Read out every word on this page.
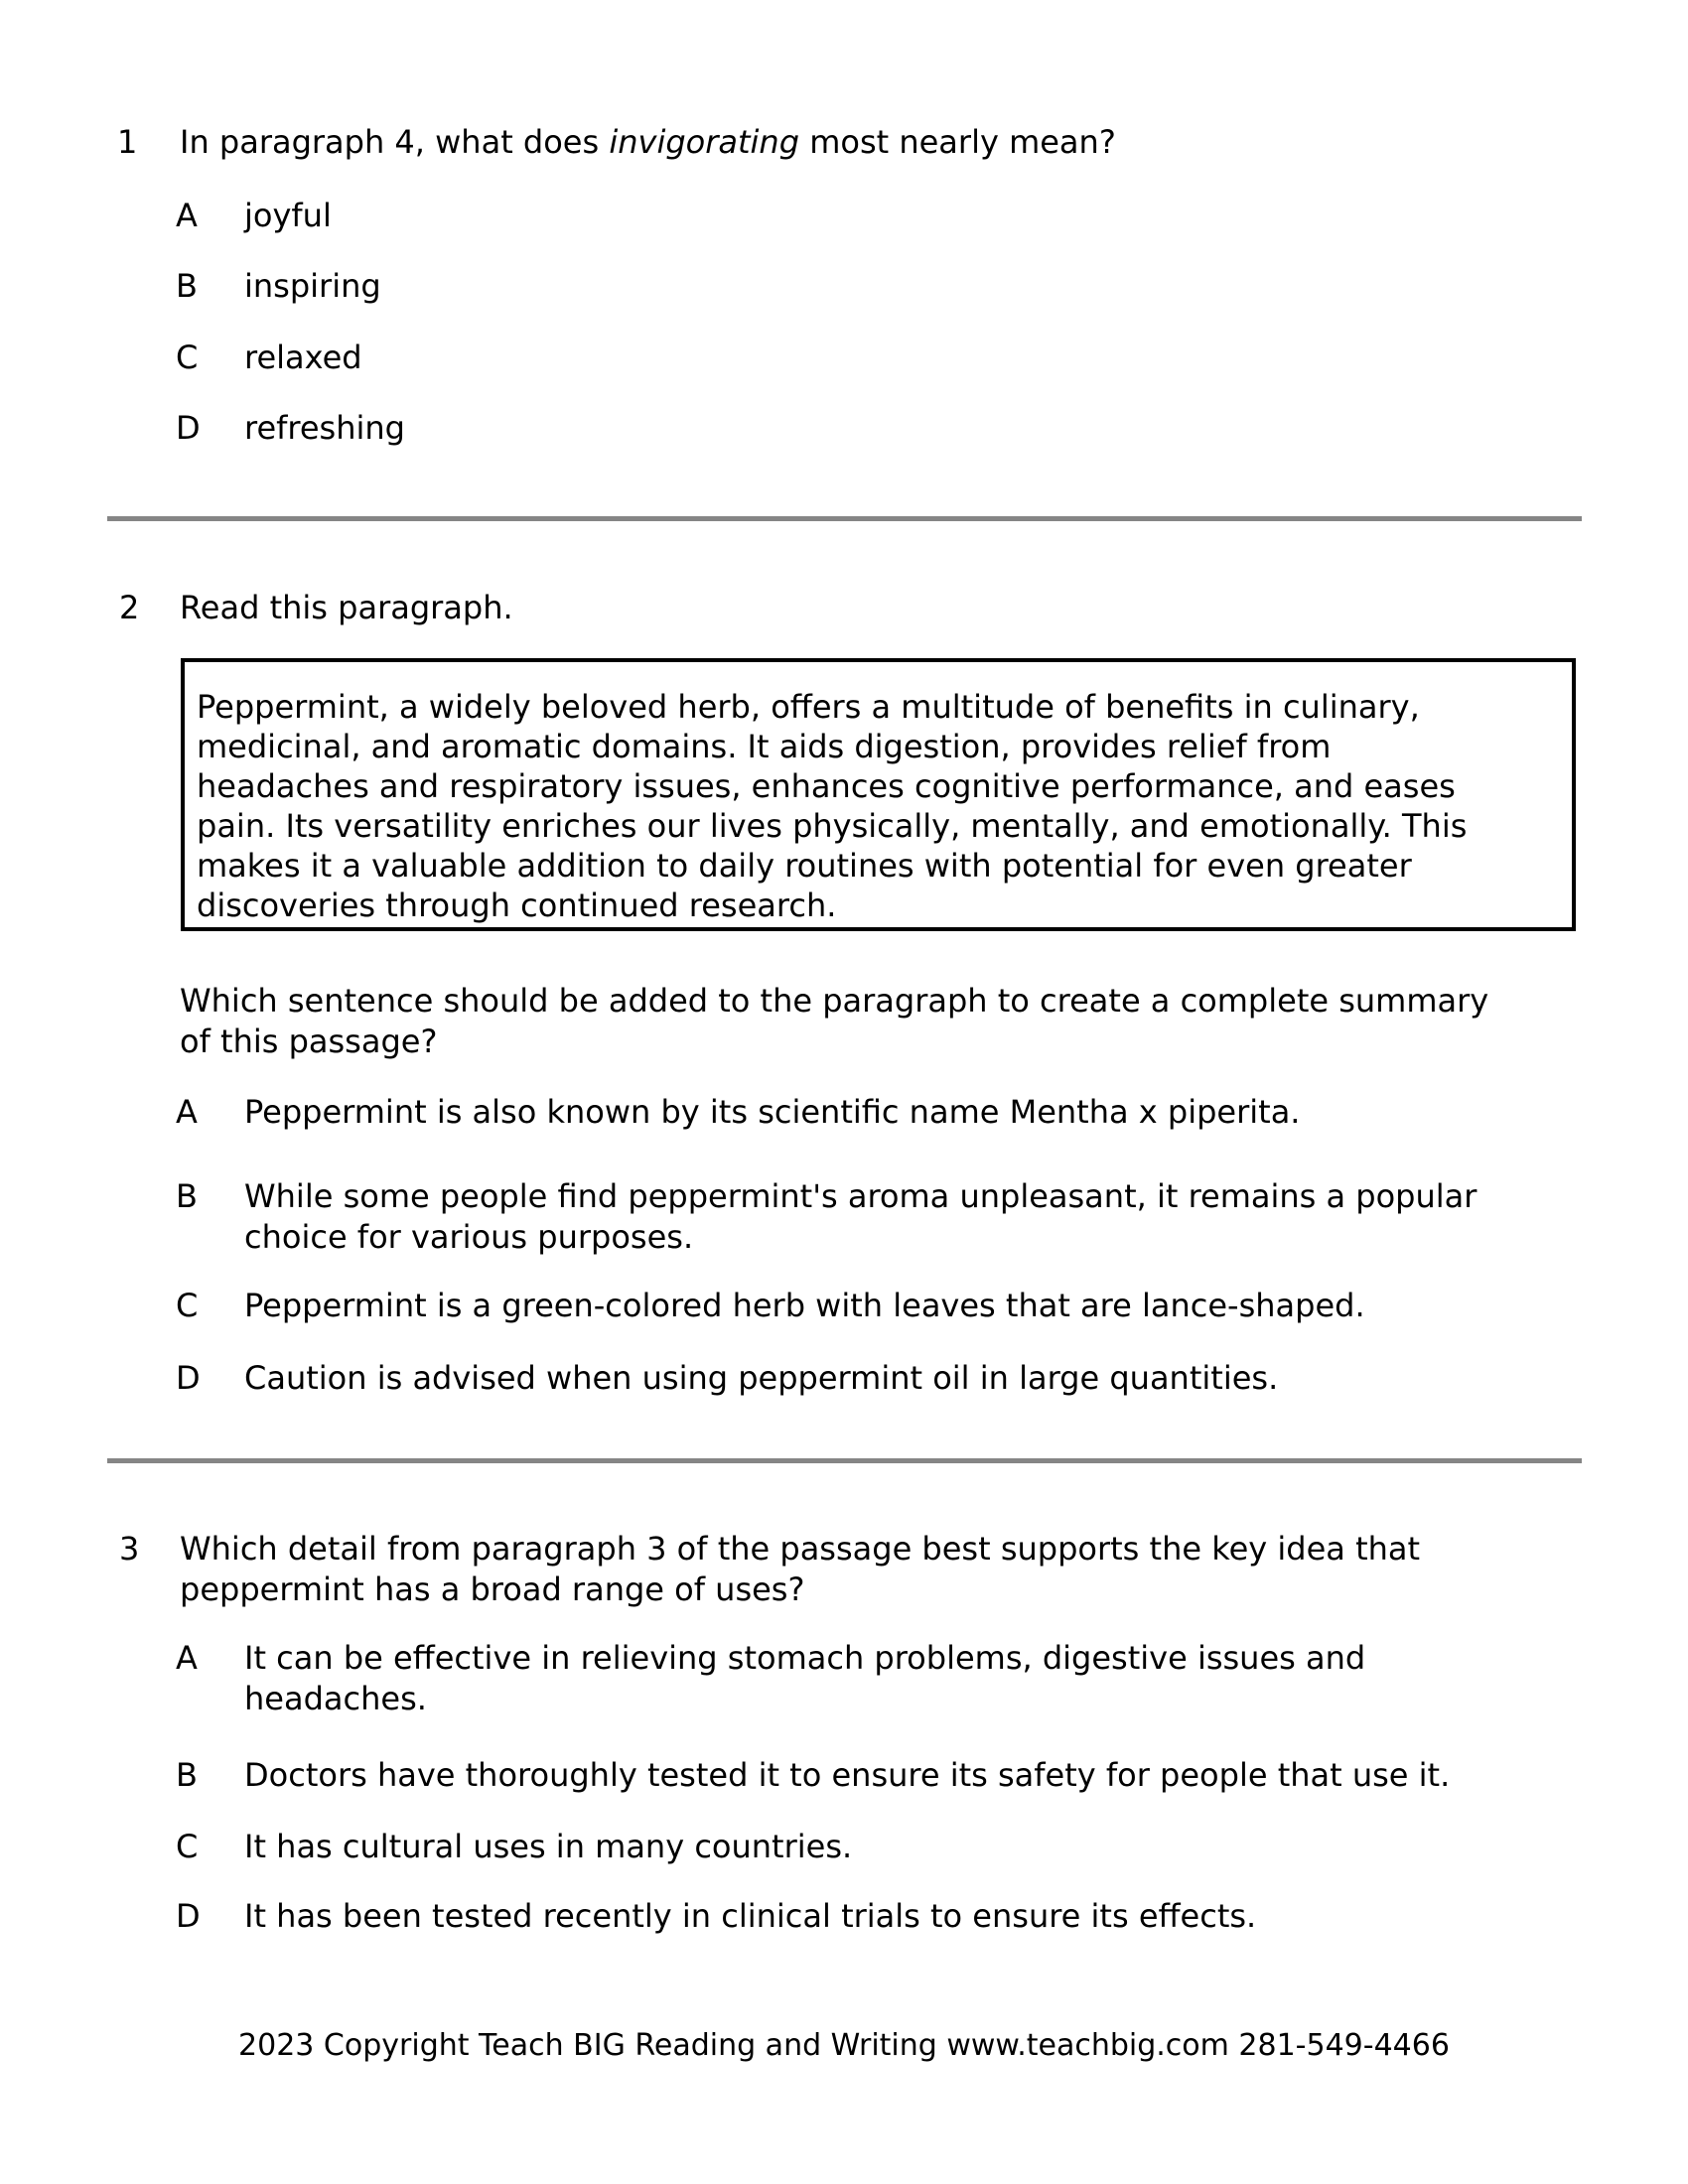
1	In paragraph 4, what does invigorating most nearly mean?
A	joyful
B	inspiring
C	relaxed
D	refreshing
2	Read this paragraph.
Peppermint, a widely beloved herb, offers a multitude of benefits in culinary,
medicinal, and aromatic domains. It aids digestion, provides relief from
headaches and respiratory issues, enhances cognitive performance, and eases
pain. Its versatility enriches our lives physically, mentally, and emotionally. This
makes it a valuable addition to daily routines with potential for even greater
discoveries through continued research.
Which sentence should be added to the paragraph to create a complete summary
of this passage?
A	Peppermint is also known by its scientific name Mentha x piperita.
B	While some people find peppermint's aroma unpleasant, it remains a popular
choice for various purposes.
C	Peppermint is a green-colored herb with leaves that are lance-shaped.
D	Caution is advised when using peppermint oil in large quantities.
3	Which detail from paragraph 3 of the passage best supports the key idea that
peppermint has a broad range of uses?
A	It can be effective in relieving stomach problems, digestive issues and
headaches.
B	Doctors have thoroughly tested it to ensure its safety for people that use it.
C	It has cultural uses in many countries.
D	It has been tested recently in clinical trials to ensure its effects.
2023 Copyright Teach BIG Reading and Writing www.teachbig.com 281-549-4466
